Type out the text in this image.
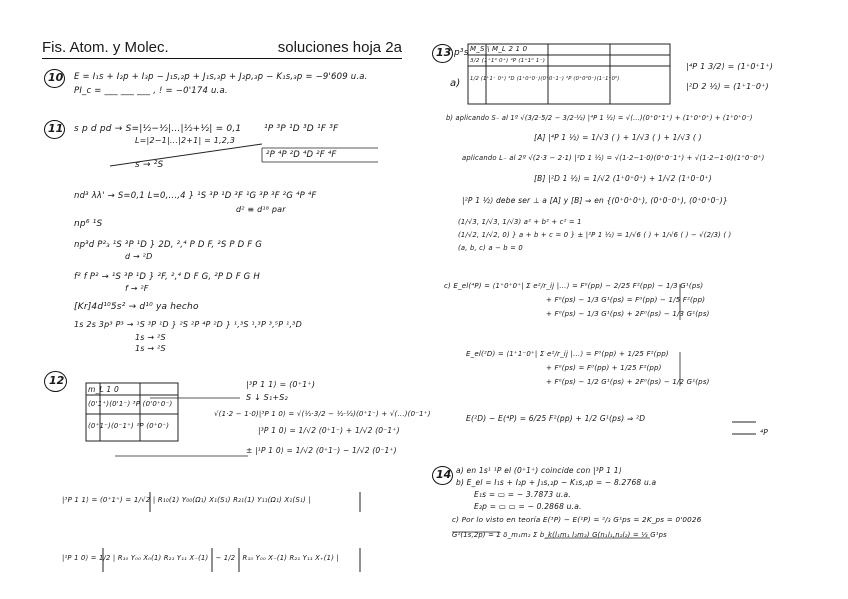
Fis. Atom. y Molec.	soluciones hoja 2a
10
11
12
13
14
E = I₁s + I₂p + I₃p − J₁s,₂p + J₁s,₃p + J₂p,₃p − K₁s,₃p = −9'609 u.a.
PI_c = ___ ___ ___ , ! = −0'174 u.a.
s p d pd → S=|½−½|...|½+½| = 0,1
L=|2−1|...|2+1| = 1,2,3
¹P ³P ¹D ³D ¹F ³F
s → ²S
²P ⁴P ²D ⁴D ²F ⁴F
nd³ λλ' → S=0,1 L=0,...,4 } ¹S ³P ¹D ³F ¹G ³P ³F ²G ⁴P ⁴F
d² ≡ d¹⁸ par
np⁶ ¹S
np³d P²₃ ¹S ³P ¹D } 2D, ²,⁴ P D F, ²S P D F G
d → ²D
f² f P² → ¹S ³P ¹D } ²F, ²,⁴ D F G, ²P D F G H
f → ²F
[Kr]4d¹⁰5s² → d¹⁰ ya hecho
1s 2s 3p³ P³ → ¹S ³P ¹D } ²S ²P ⁴P ²D } ¹,³S ¹,³P ³,⁵P ¹,³D
1s → ²S
1s → ²S
m_L 1 0
(0'1⁺)(0'1⁻) ³P (0'0⁺0⁻)
(0⁺1⁻)(0⁻1⁺) ¹P (0⁺0⁻)
|³P 1 1⟩ = (0⁺1⁺)
S ↓ S₁+S₂
√(1·2 − 1·0)|³P 1 0⟩ = √(½·3/2 − ½·½)(0⁺1⁻) + √(...)(0⁻1⁺)
|³P 1 0⟩ = 1/√2 (0⁺1⁻) + 1/√2 (0⁻1⁺)
± |¹P 1 0⟩ = 1/√2 (0⁺1⁻) − 1/√2 (0⁻1⁺)
|³P 1 1⟩ = (0⁺1⁺) = 1/√2 | R₁₀(1) Y₀₀(Ω₁) X₁(S₁) R₂₁(1) Y₁₁(Ω₁) X₁(S₁) |
|¹P 1 0⟩ = 1/2 | R₁₀ Y₀₀ X₀(1) R₂₁ Y₁₁ X₋(1) | − 1/2 | R₁₀ Y₀₀ X₋(1) R₂₁ Y₁₁ X₊(1) |
p³s
a)
M_S \ M_L 2 1 0
3/2 (1⁺1⁰ 0⁺) ⁴P (1⁺1⁰ 1⁻)
1/2 (1⁺1⁻ 0⁺) ²D (1⁺0⁺0⁻)(0⁺0⁻1⁻) ²P (0⁺0⁰0⁻)(1⁻1⁺0⁰)
|⁴P 1 3/2⟩ = (1⁺0⁺1⁺)
|²D 2 ½⟩ = (1⁺1⁻0⁺)
b) aplicando S₋ al 1º √(3/2·5/2 − 3/2·½) |⁴P 1 ½⟩ = √(...)(0⁺0⁺1⁺) + (1⁺0⁺0⁺) + (1⁺0⁺0⁻)
[A] |⁴P 1 ½⟩ = 1/√3 ( ) + 1/√3 ( ) + 1/√3 ( )
aplicando L₋ al 2º √(2·3 − 2·1) |²D 1 ½⟩ = √(1·2−1·0)(0⁺0⁻1⁺) + √(1·2−1·0)(1⁺0⁻0⁺)
[B] |²D 1 ½⟩ = 1/√2 (1⁺0⁺0⁺) + 1/√2 (1⁺0⁻0⁺)
|²P 1 ½⟩ debe ser ⊥ a [A] y [B] ⇒ en {(0⁺0⁺0⁺), (0⁺0⁻0⁺), (0⁺0⁺0⁻)}
(1/√3, 1/√3, 1/√3) a² + b² + c² = 1
(1/√2, 1/√2, 0) } a + b + c = 0 } ± |²P 1 ½⟩ = 1/√6 ( ) + 1/√6 ( ) − √(2/3) ( )
(a, b, c) a − b = 0
c) E_el(⁴P) = ⟨1⁺0⁺0⁺| Σ e²/r_ij |...⟩ = F⁰(pp) − 2/25 F²(pp) − 1/3 G¹(ps)
+ F⁰(ps) − 1/3 G¹(ps) = F⁰(pp) − 1/5 F²(pp)
+ F⁰(ps) − 1/3 G¹(ps) + 2F⁰(ps) − 1/3 G¹(ps)
E_el(²D) = ⟨1⁺1⁻0⁺| Σ e²/r_ij |...⟩ = F⁰(pp) + 1/25 F²(pp)
+ F⁰(ps) = F⁰(pp) + 1/25 F²(pp)
+ F⁰(ps) − 1/2 G¹(ps) + 2F⁰(ps) − 1/2 G¹(ps)
E(²D) − E(⁴P) = 6/25 F²(pp) + 1/2 G¹(ps) ⇒ ²D
⁴P
a) en 1s¹ ¹P el (0⁺1⁺) coincide con |³P 1 1⟩
b) E_el = I₁s + I₂p + J₁s,₂p − K₁s,₂p = − 8.2768 u.a
E₁s = ▭ = − 3.7873 u.a.
E₂p = ▭ ▭ = − 0.2868 u.a.
c) Por lo visto en teoría E(³P) − E(¹P) = ²/₃ G¹ps = 2K_ps = 0'0026
G¹(1s,2p) = Σ δ_m₁m₂ Σ b_k(l₁m₁ l₂m₂) G(n₁l₁,n₂l₂) = ⅓ G¹ps
